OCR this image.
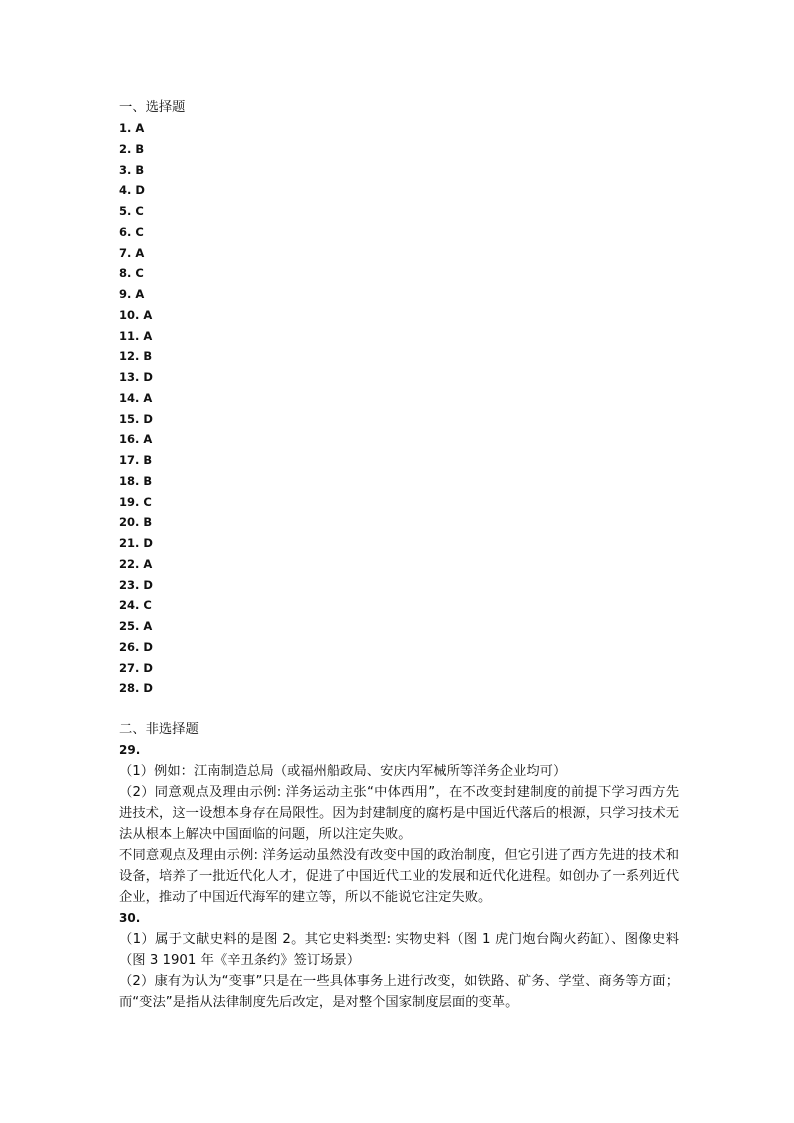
一、选择题
1. A
2. B
3. B
4. D
5. C
6. C
7. A
8. C
9. A
10. A
11. A
12. B
13. D
14. A
15. D
16. A
17. B
18. B
19. C
20. B
21. D
22. A
23. D
24. C
25. A
26. D
27. D
28. D
二、非选择题
29.

（1）例如：江南制造总局（或福州船政局、安庆内军械所等洋务企业均可）

（2）同意观点及理由示例: 洋务运动主张“中体西用”，在不改变封建制度的前提下学习西方先进技术，这一设想本身存在局限性。因为封建制度的腐朽是中国近代落后的根源，只学习技术无法从根本上解决中国面临的问题，所以注定失败。

不同意观点及理由示例: 洋务运动虽然没有改变中国的政治制度，但它引进了西方先进的技术和设备，培养了一批近代化人才，促进了中国近代工业的发展和近代化进程。如创办了一系列近代企业，推动了中国近代海军的建立等，所以不能说它注定失败。

30.

（1）属于文献史料的是图 2。其它史料类型: 实物史料（图 1 虎门炮台陶火药缸）、图像史料（图 3 1901 年《辛丑条约》签订场景）

（2）康有为认为“变事”只是在一些具体事务上进行改变，如铁路、矿务、学堂、商务等方面；而“变法”是指从法律制度先后改定，是对整个国家制度层面的变革。
